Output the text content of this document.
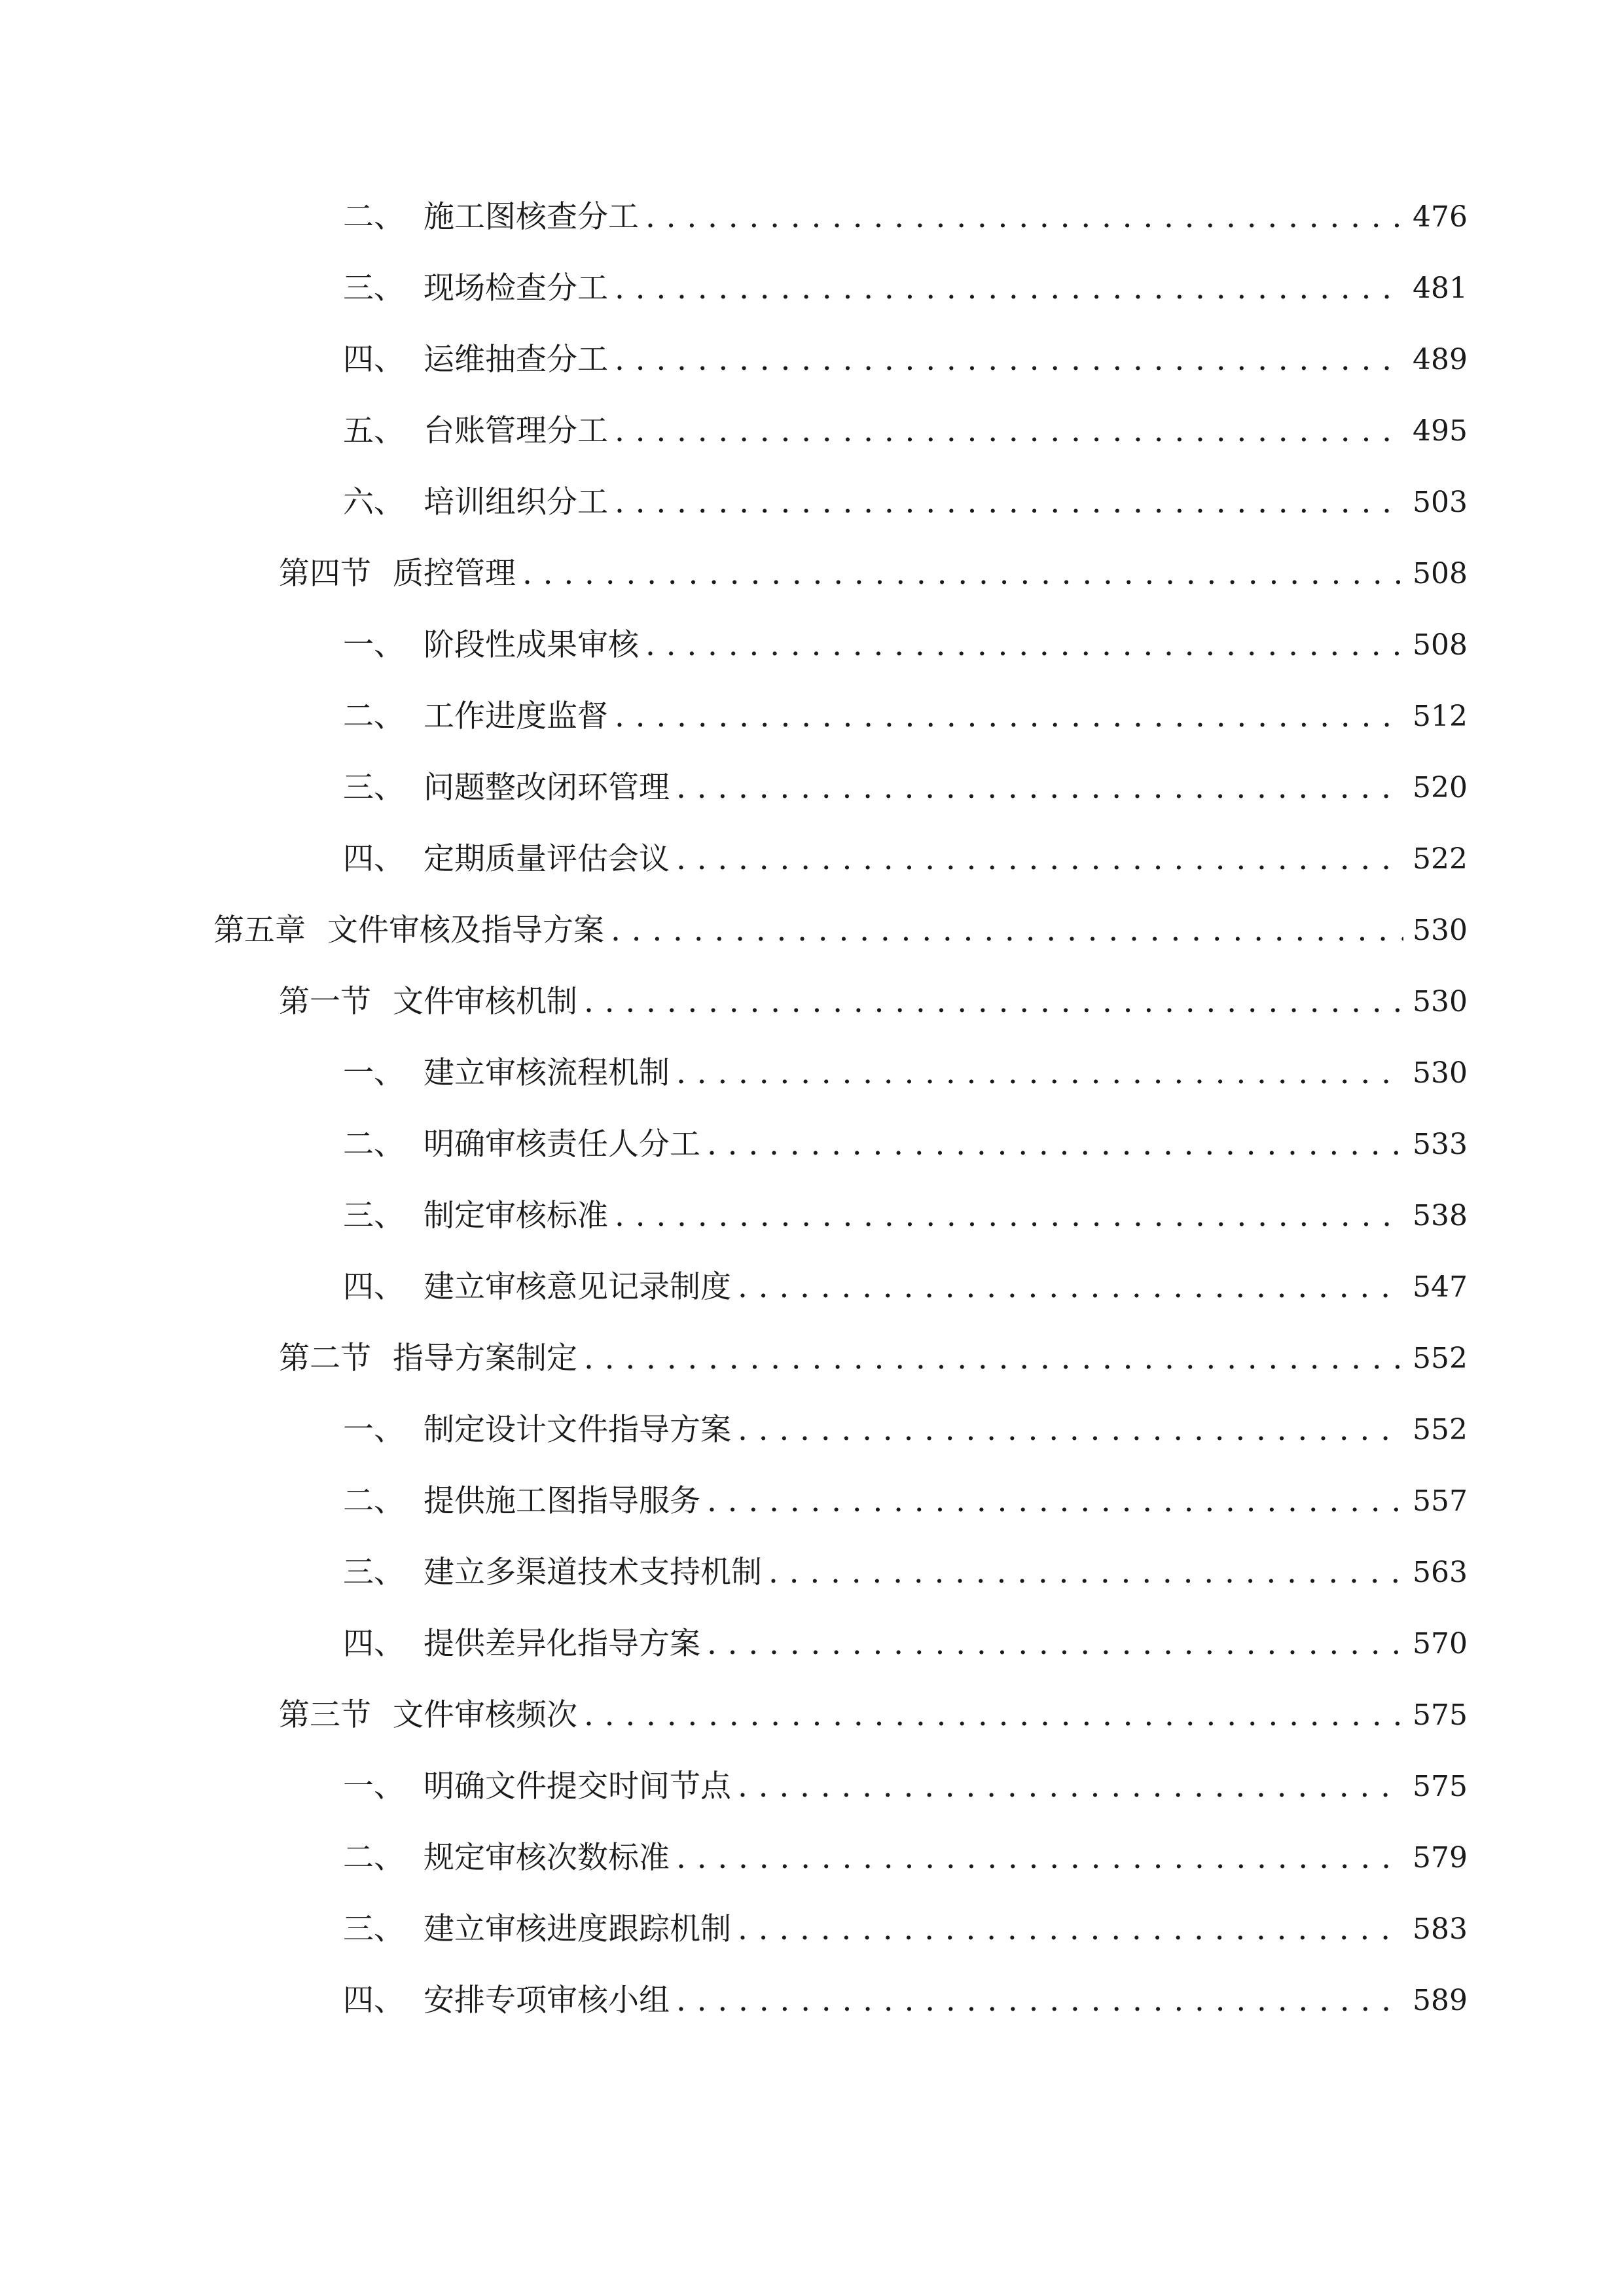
二、 施工图核查分工 . . .	476
三、 现场检查分工 . . .	481
四、 运维抽查分工 . . .	489
五、 台账管理分工 . . .	495
六、 培训组织分工 . . .	503
第四节 质控管理 . . .	508
一、 阶段性成果审核 . . .	508
二、 工作进度监督 . . .	512
三、 问题整改闭环管理 . . .	520
四、 定期质量评估会议 . . .	522
第五章 文件审核及指导方案 . . .	530
第一节 文件审核机制 . . .	530
一、 建立审核流程机制 . . .	530
二、 明确审核责任人分工 . . .	533
三、 制定审核标准 . . .	538
四、 建立审核意见记录制度 . . .	547
第二节 指导方案制定 . . .	552
一、 制定设计文件指导方案 . . .	552
二、 提供施工图指导服务 . . .	557
三、 建立多渠道技术支持机制 . . .	563
四、 提供差异化指导方案 . . .	570
第三节 文件审核频次 . . .	575
一、 明确文件提交时间节点 . . .	575
二、 规定审核次数标准 . . .	579
三、 建立审核进度跟踪机制 . . .	583
四、 安排专项审核小组 . . .	589
